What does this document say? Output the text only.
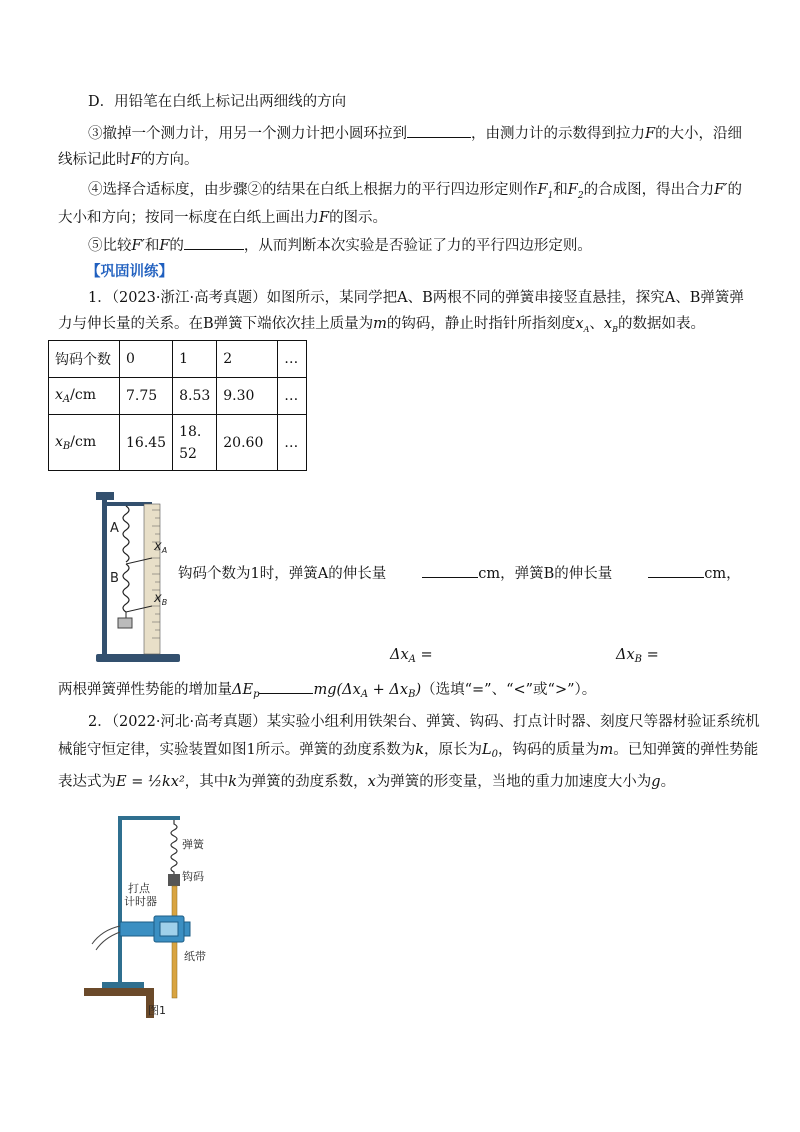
D．用铅笔在白纸上标记出两细线的方向
③撤掉一个测力计，用另一个测力计把小圆环拉到	，由测力计的示数得到拉力F的大小，沿细
线标记此时F的方向。
④选择合适标度，由步骤②的结果在白纸上根据力的平行四边形定则作$F_1$和$F_2$的合成图，得出合力F′的
大小和方向；按同一标度在白纸上画出力F的图示。
⑤比较F′和F的	，从而判断本次实验是否验证了力的平行四边形定则。
【巩固训练】
1．（2023·浙江·高考真题）如图所示，某同学把A、B两根不同的弹簧串接竖直悬挂，探究A、B弹簧弹
力与伸长量的关系。在B弹簧下端依次挂上质量为m的钩码，静止时指针所指刻度$x_A$、$x_B$的数据如表。
钩码个数	0	1	2	…
$x_A/cm$	7.75	8.53	9.30	…
$x_B/cm$	16.45	18.52	20.60	…
A
B
$x_A$
$x_B$
钩码个数为1时，弹簧A的伸长量	cm，弹簧B的伸长量	cm，
$\Delta x_A$ =	$\Delta x_B$ =
两根弹簧弹性势能的增加量$\Delta E_p$	$mg(\Delta x_A + \Delta x_B)$（选填“=”、“<”或“>”）。
2．（2022·河北·高考真题）某实验小组利用铁架台、弹簧、钩码、打点计时器、刻度尺等器材验证系统机
械能守恒定律，实验装置如图1所示。弹簧的劲度系数为k，原长为$L_0$，钩码的质量为m。已知弹簧的弹性势能
表达式为E = ½kx²，其中k为弹簧的劲度系数，x为弹簧的形变量，当地的重力加速度大小为g。
弹簧
钩码
打点
计时器
纸带
图1
